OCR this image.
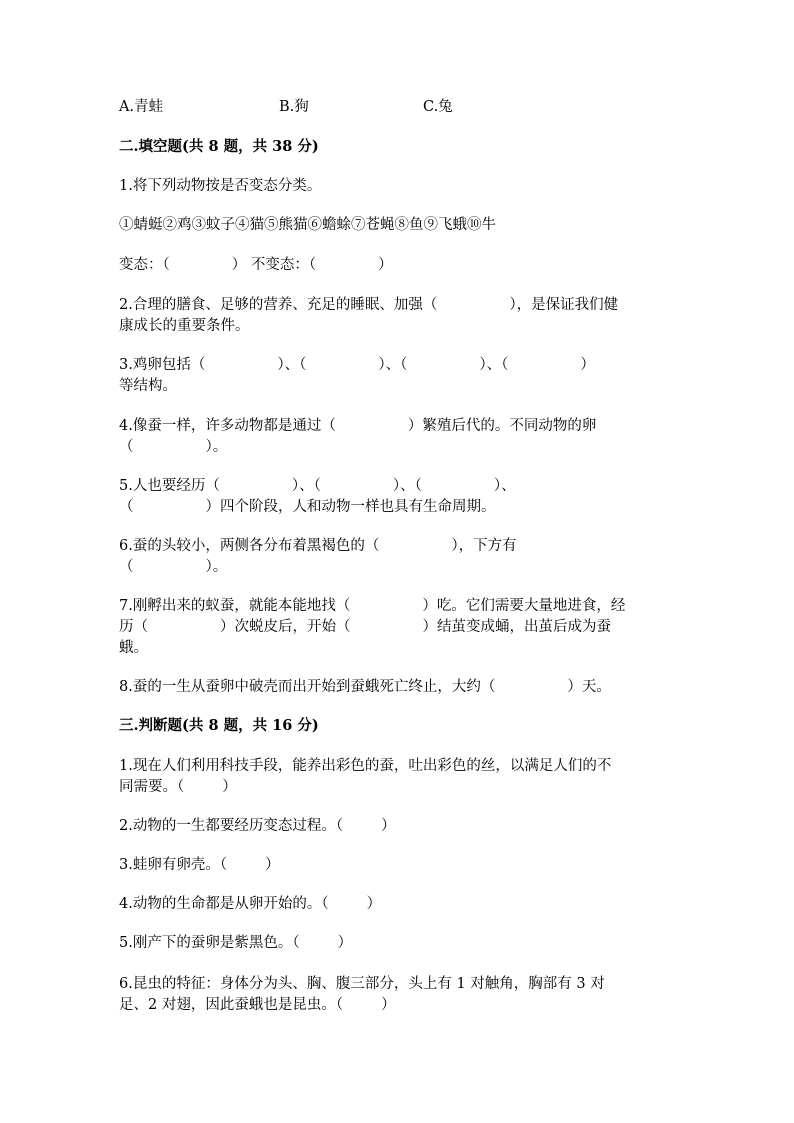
A.青蛙	B.狗	C.兔
二.填空题(共 8 题，共 38 分)
1.将下列动物按是否变态分类。
①蜻蜓②鸡③蚊子④猫⑤熊猫⑥蟾蜍⑦苍蝇⑧鱼⑨飞蛾⑩牛
变态：（	） 不变态：（	）
2.合理的膳食、足够的营养、充足的睡眠、加强（	），是保证我们健
康成长的重要条件。
3.鸡卵包括（	）、（	）、（	）、（	）
等结构。
4.像蚕一样，许多动物都是通过（	）繁殖后代的。不同动物的卵
（	）。
5.人也要经历（	）、（	）、（	）、
（	）四个阶段，人和动物一样也具有生命周期。
6.蚕的头较小，两侧各分布着黑褐色的（	），下方有
（	）。
7.刚孵出来的蚁蚕，就能本能地找（	）吃。它们需要大量地进食，经
历（	）次蜕皮后，开始（	）结茧变成蛹，出茧后成为蚕
蛾。
8.蚕的一生从蚕卵中破壳而出开始到蚕蛾死亡终止，大约（	）天。
三.判断题(共 8 题，共 16 分)
1.现在人们利用科技手段，能养出彩色的蚕，吐出彩色的丝，以满足人们的不
同需要。（	）
2.动物的一生都要经历变态过程。（	）
3.蛙卵有卵壳。（	）
4.动物的生命都是从卵开始的。（	）
5.刚产下的蚕卵是紫黑色。（	）
6.昆虫的特征：身体分为头、胸、腹三部分，头上有 1 对触角，胸部有 3 对
足、2 对翅，因此蚕蛾也是昆虫。（	）
